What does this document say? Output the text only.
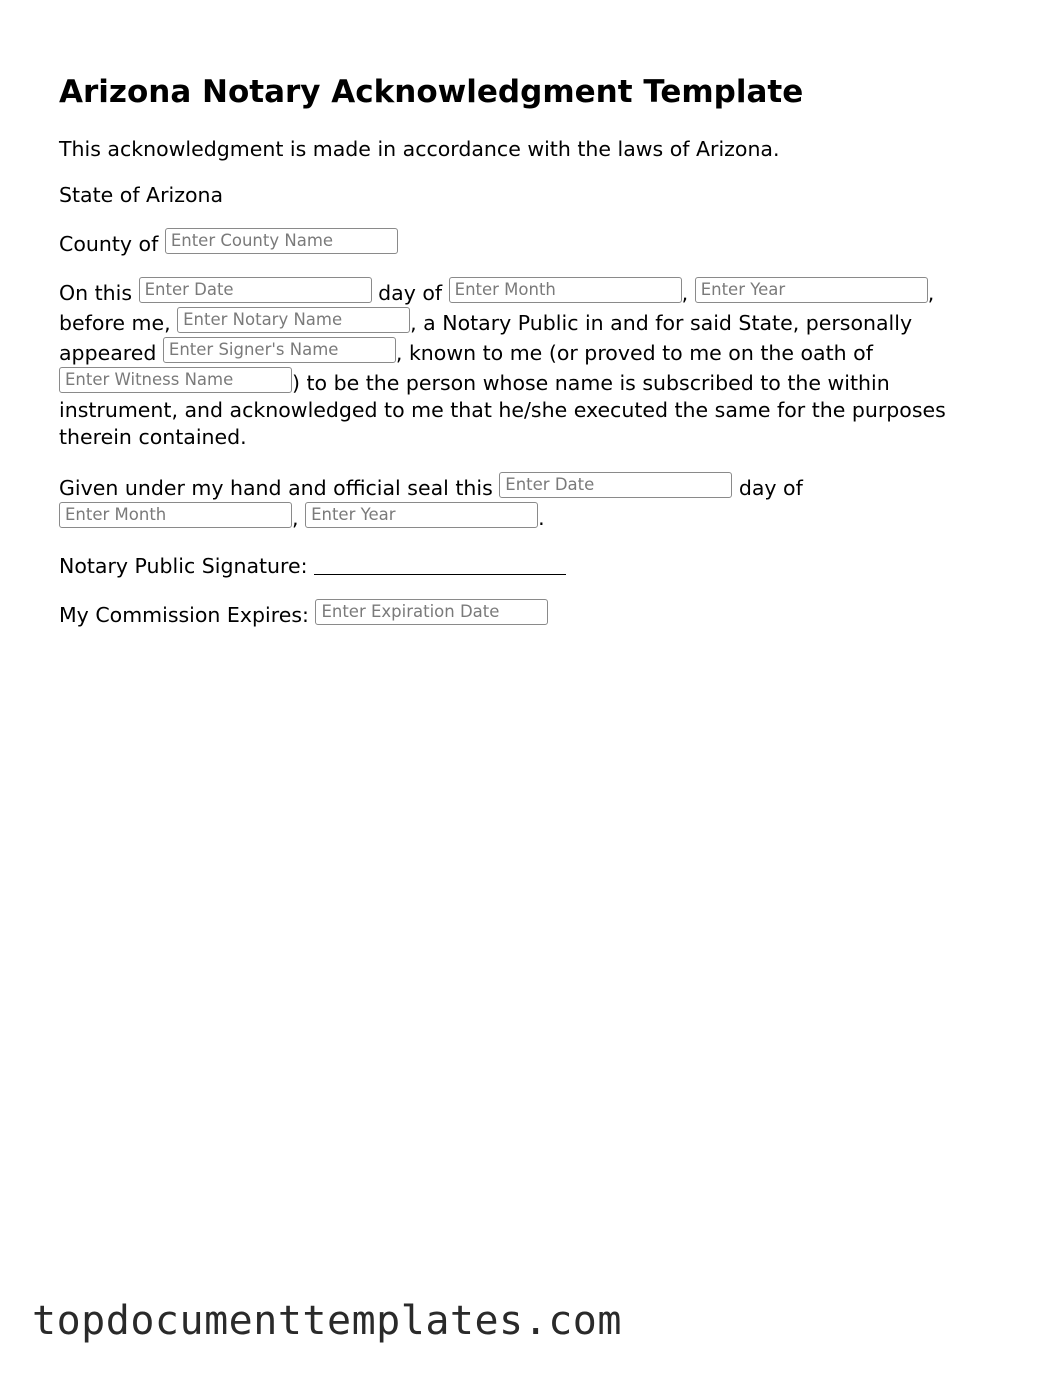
Arizona Notary Acknowledgment Template

This acknowledgment is made in accordance with the laws of Arizona.

State of Arizona

County of Enter County Name

On this Enter Date	day of Enter Month	, Enter Year	, before me, Enter Notary Name	, a Notary Public in and for said State, personally appeared Enter Signer's Name	, known to me (or proved to me on the oath of Enter Witness Name	) to be the person whose name is subscribed to the within instrument, and acknowledged to me that he/she executed the same for the purposes therein contained.

Given under my hand and official seal this Enter Date	day of Enter Month	, Enter Year	.

Notary Public Signature:

My Commission Expires: Enter Expiration Date

topdocumenttemplates.com
